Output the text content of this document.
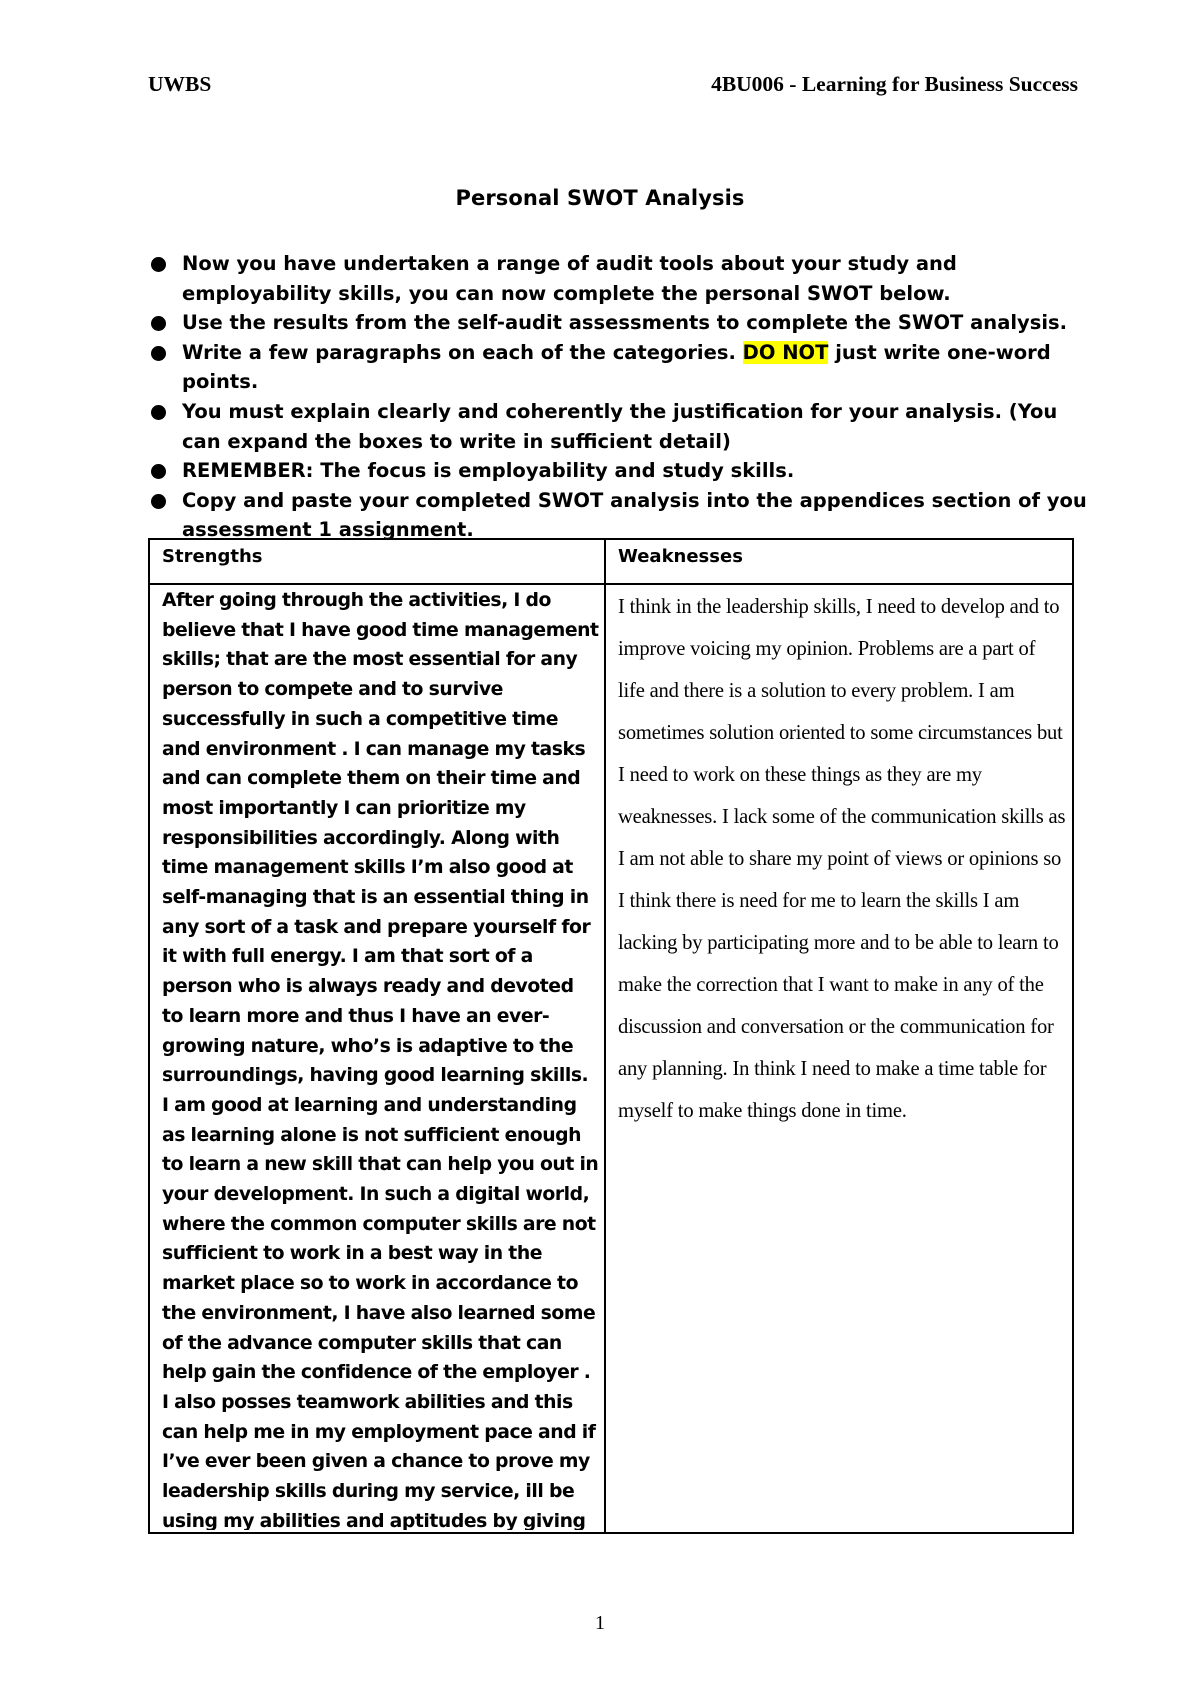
UWBS	4BU006 - Learning for Business Success
Personal SWOT Analysis
Now you have undertaken a range of audit tools about your study and employability skills, you can now complete the personal SWOT below.
Use the results from the self-audit assessments to complete the SWOT analysis.
Write a few paragraphs on each of the categories. DO NOT just write one-word points.
You must explain clearly and coherently the justification for your analysis. (You can expand the boxes to write in sufficient detail)
REMEMBER: The focus is employability and study skills.
Copy and paste your completed SWOT analysis into the appendices section of you assessment 1 assignment.
Strengths	Weaknesses
After going through the activities, I do believe that I have good time management skills; that are the most essential for any person to compete and to survive successfully in such a competitive time and environment . I can manage my tasks and can complete them on their time and most importantly I can prioritize my responsibilities accordingly. Along with time management skills I’m also good at self-managing that is an essential thing in any sort of a task and prepare yourself for it with full energy. I am that sort of a person who is always ready and devoted to learn more and thus I have an ever-growing nature, who’s is adaptive to the surroundings, having good learning skills. I am good at learning and understanding as learning alone is not sufficient enough to learn a new skill that can help you out in your development. In such a digital world, where the common computer skills are not sufficient to work in a best way in the market place so to work in accordance to the environment, I have also learned some of the advance computer skills that can help gain the confidence of the employer . I also posses teamwork abilities and this can help me in my employment pace and if I’ve ever been given a chance to prove my leadership skills during my service, ill be using my abilities and aptitudes by giving
I think in the leadership skills, I need to develop and to improve voicing my opinion. Problems are a part of life and there is a solution to every problem. I am sometimes solution oriented to some circumstances but I need to work on these things as they are my weaknesses. I lack some of the communication skills as I am not able to share my point of views or opinions so I think there is need for me to learn the skills I am lacking by participating more and to be able to learn to make the correction that I want to make in any of the discussion and conversation or the communication for any planning. In think I need to make a time table for myself to make things done in time.
1
